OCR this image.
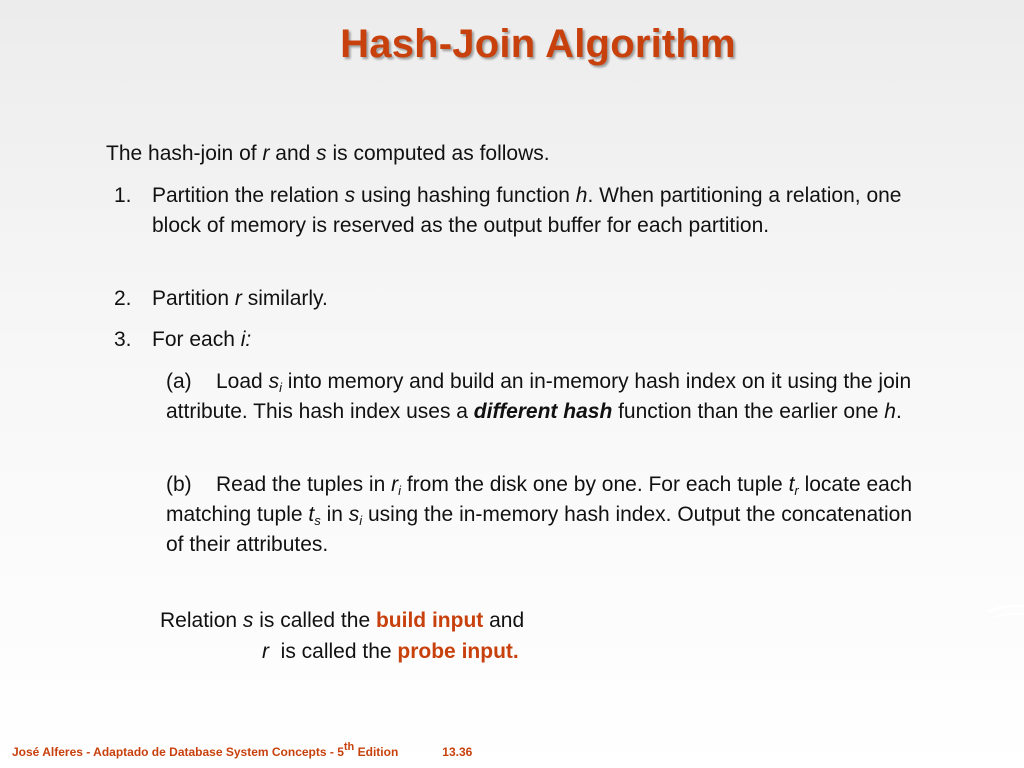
Hash-Join Algorithm
The hash-join of r and s is computed as follows.
1. Partition the relation s using hashing function h. When partitioning a relation, one block of memory is reserved as the output buffer for each partition.
2. Partition r similarly.
3. For each i:
(a) Load $s_i$ into memory and build an in-memory hash index on it using the join attribute. This hash index uses a different hash function than the earlier one h.
(b) Read the tuples in $r_i$ from the disk one by one. For each tuple $t_r$ locate each matching tuple $t_s$ in $s_i$ using the in-memory hash index. Output the concatenation of their attributes.
Relation s is called the build input and
r  is called the probe input.
José Alferes - Adaptado de Database System Concepts - 5th Edition	13.36
